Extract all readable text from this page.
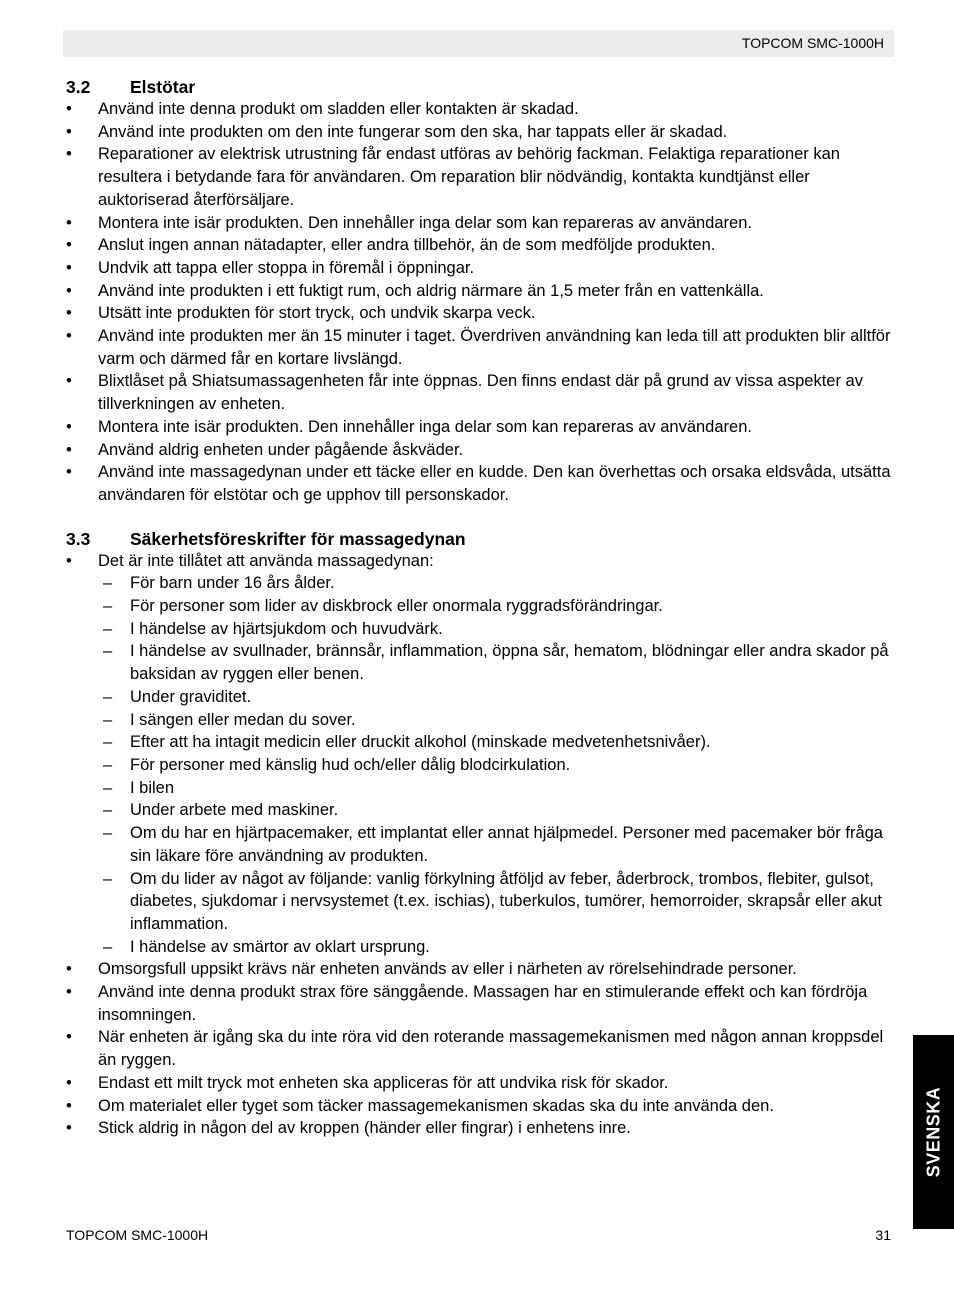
TOPCOM SMC-1000H
3.2	Elstötar
• Använd inte denna produkt om sladden eller kontakten är skadad.
• Använd inte produkten om den inte fungerar som den ska, har tappats eller är skadad.
• Reparationer av elektrisk utrustning får endast utföras av behörig fackman. Felaktiga reparationer kan resultera i betydande fara för användaren. Om reparation blir nödvändig, kontakta kundtjänst eller auktoriserad återförsäljare.
• Montera inte isär produkten. Den innehåller inga delar som kan repareras av användaren.
• Anslut ingen annan nätadapter, eller andra tillbehör, än de som medföljde produkten.
• Undvik att tappa eller stoppa in föremål i öppningar.
• Använd inte produkten i ett fuktigt rum, och aldrig närmare än 1,5 meter från en vattenkälla.
• Utsätt inte produkten för stort tryck, och undvik skarpa veck.
• Använd inte produkten mer än 15 minuter i taget. Överdriven användning kan leda till att produkten blir alltför varm och därmed får en kortare livslängd.
• Blixtlåset på Shiatsumassagenheten får inte öppnas. Den finns endast där på grund av vissa aspekter av tillverkningen av enheten.
• Montera inte isär produkten. Den innehåller inga delar som kan repareras av användaren.
• Använd aldrig enheten under pågående åskväder.
• Använd inte massagedynan under ett täcke eller en kudde. Den kan överhettas och orsaka eldsvåda, utsätta användaren för elstötar och ge upphov till personskador.
3.3	Säkerhetsföreskrifter för massagedynan
• Det är inte tillåtet att använda massagedynan:
– För barn under 16 års ålder.
– För personer som lider av diskbrock eller onormala ryggradsförändringar.
– I händelse av hjärtsjukdom och huvudvärk.
– I händelse av svullnader, brännsår, inflammation, öppna sår, hematom, blödningar eller andra skador på baksidan av ryggen eller benen.
– Under graviditet.
– I sängen eller medan du sover.
– Efter att ha intagit medicin eller druckit alkohol (minskade medvetenhetsnivåer).
– För personer med känslig hud och/eller dålig blodcirkulation.
– I bilen
– Under arbete med maskiner.
– Om du har en hjärtpacemaker, ett implantat eller annat hjälpmedel. Personer med pacemaker bör fråga sin läkare före användning av produkten.
– Om du lider av något av följande: vanlig förkylning åtföljd av feber, åderbrock, trombos, flebiter, gulsot, diabetes, sjukdomar i nervsystemet (t.ex. ischias), tuberkulos, tumörer, hemorroider, skrapsår eller akut inflammation.
– I händelse av smärtor av oklart ursprung.
• Omsorgsfull uppsikt krävs när enheten används av eller i närheten av rörelsehindrade personer.
• Använd inte denna produkt strax före sänggående. Massagen har en stimulerande effekt och kan fördröja insomningen.
• När enheten är igång ska du inte röra vid den roterande massagemekanismen med någon annan kroppsdel än ryggen.
• Endast ett milt tryck mot enheten ska appliceras för att undvika risk för skador.
• Om materialet eller tyget som täcker massagemekanismen skadas ska du inte använda den.
• Stick aldrig in någon del av kroppen (händer eller fingrar) i enhetens inre.
TOPCOM SMC-1000H	31
SVENSKA
